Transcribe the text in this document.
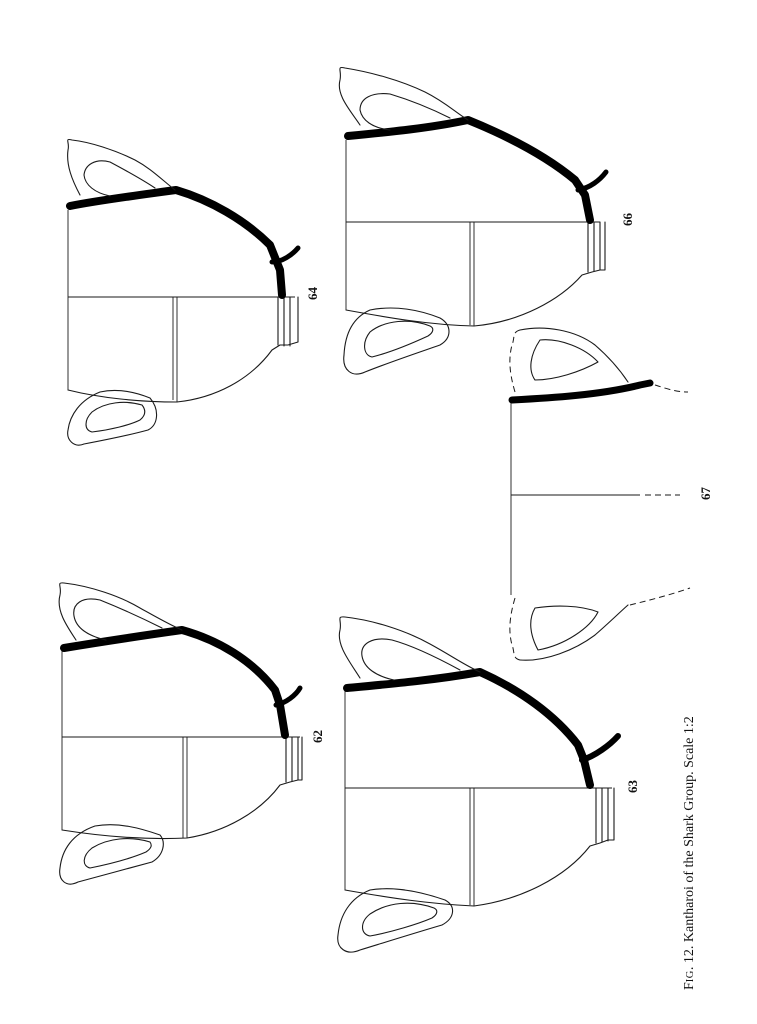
64
66
67
62
63
FIG. 12. Kantharoi of the Shark Group. Scale 1:2
